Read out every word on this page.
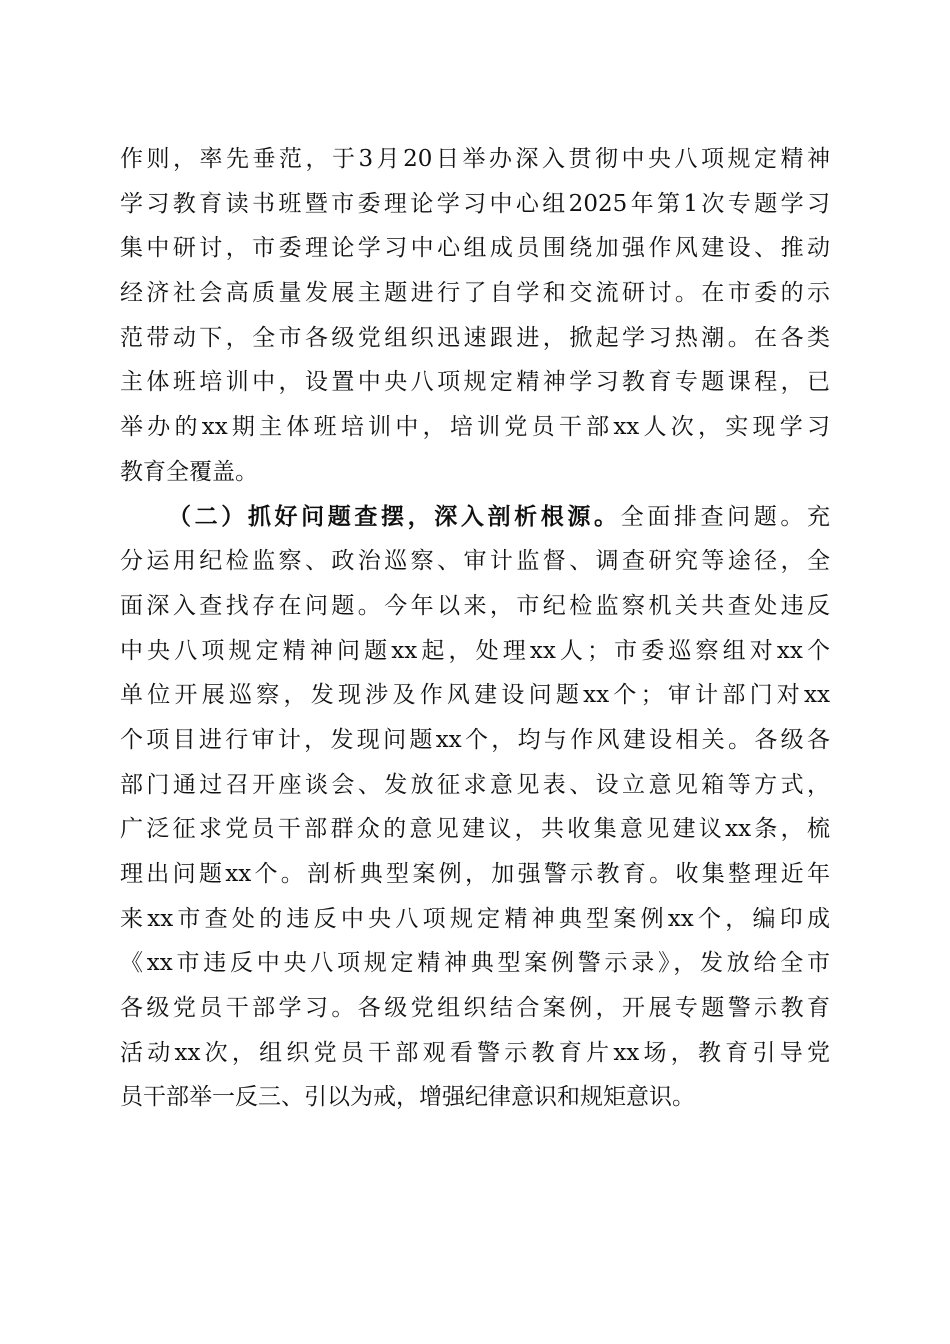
作则，率先垂范，于3月20日举办深入贯彻中央八项规定精神
学习教育读书班暨市委理论学习中心组2025年第1次专题学习
集中研讨，市委理论学习中心组成员围绕加强作风建设、推动
经济社会高质量发展主题进行了自学和交流研讨。在市委的示
范带动下，全市各级党组织迅速跟进，掀起学习热潮。在各类
主体班培训中，设置中央八项规定精神学习教育专题课程，已
举办的xx期主体班培训中，培训党员干部xx人次，实现学习
教育全覆盖。
（二）抓好问题查摆，深入剖析根源。全面排查问题。充
分运用纪检监察、政治巡察、审计监督、调查研究等途径，全
面深入查找存在问题。今年以来，市纪检监察机关共查处违反
中央八项规定精神问题xx起，处理xx人；市委巡察组对xx个
单位开展巡察，发现涉及作风建设问题xx个；审计部门对xx
个项目进行审计，发现问题xx个，均与作风建设相关。各级各
部门通过召开座谈会、发放征求意见表、设立意见箱等方式，
广泛征求党员干部群众的意见建议，共收集意见建议xx条，梳
理出问题xx个。剖析典型案例，加强警示教育。收集整理近年
来xx市查处的违反中央八项规定精神典型案例xx个，编印成
《xx市违反中央八项规定精神典型案例警示录》，发放给全市
各级党员干部学习。各级党组织结合案例，开展专题警示教育
活动xx次，组织党员干部观看警示教育片xx场，教育引导党
员干部举一反三、引以为戒，增强纪律意识和规矩意识。
